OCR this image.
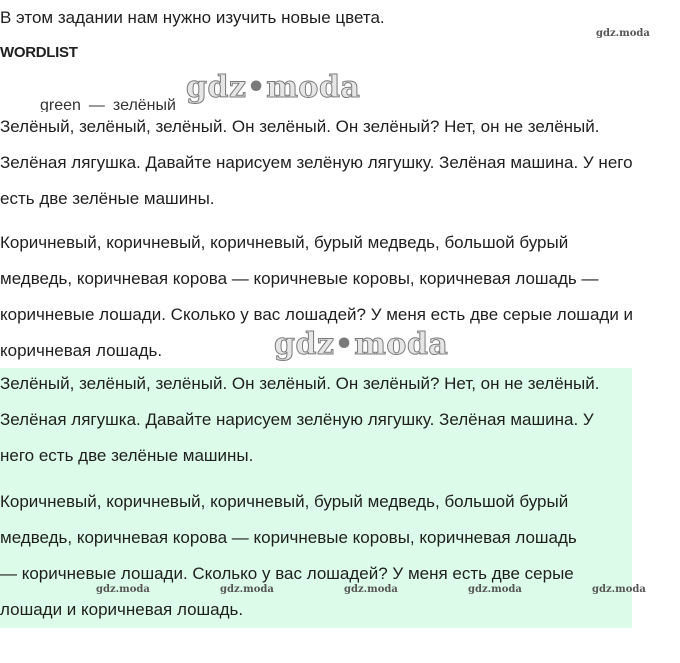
В этом задании нам нужно изучить новые цвета.
gdz.moda
WORDLIST
green — зелёный
gdz•moda

Зелёный, зелёный, зелёный. Он зелёный. Он зелёный? Нет, он не зелёный.
Зелёная лягушка. Давайте нарисуем зелёную лягушку. Зелёная машина. У него
есть две зелёные машины.

Коричневый, коричневый, коричневый, бурый медведь, большой бурый
медведь, коричневая корова — коричневые коровы, коричневая лошадь —
коричневые лошади. Сколько у вас лошадей? У меня есть две серые лошади и
коричневая лошадь.	gdz•moda

Зелёный, зелёный, зелёный. Он зелёный. Он зелёный? Нет, он не зелёный.
Зелёная лягушка. Давайте нарисуем зелёную лягушку. Зелёная машина. У
него есть две зелёные машины.

Коричневый, коричневый, коричневый, бурый медведь, большой бурый
медведь, коричневая корова — коричневые коровы, коричневая лошадь
— коричневые лошади. Сколько у вас лошадей? У меня есть две серые
лошади и коричневая лошадь.

gdz.moda	gdz.moda	gdz.moda	gdz.moda	gdz.moda
